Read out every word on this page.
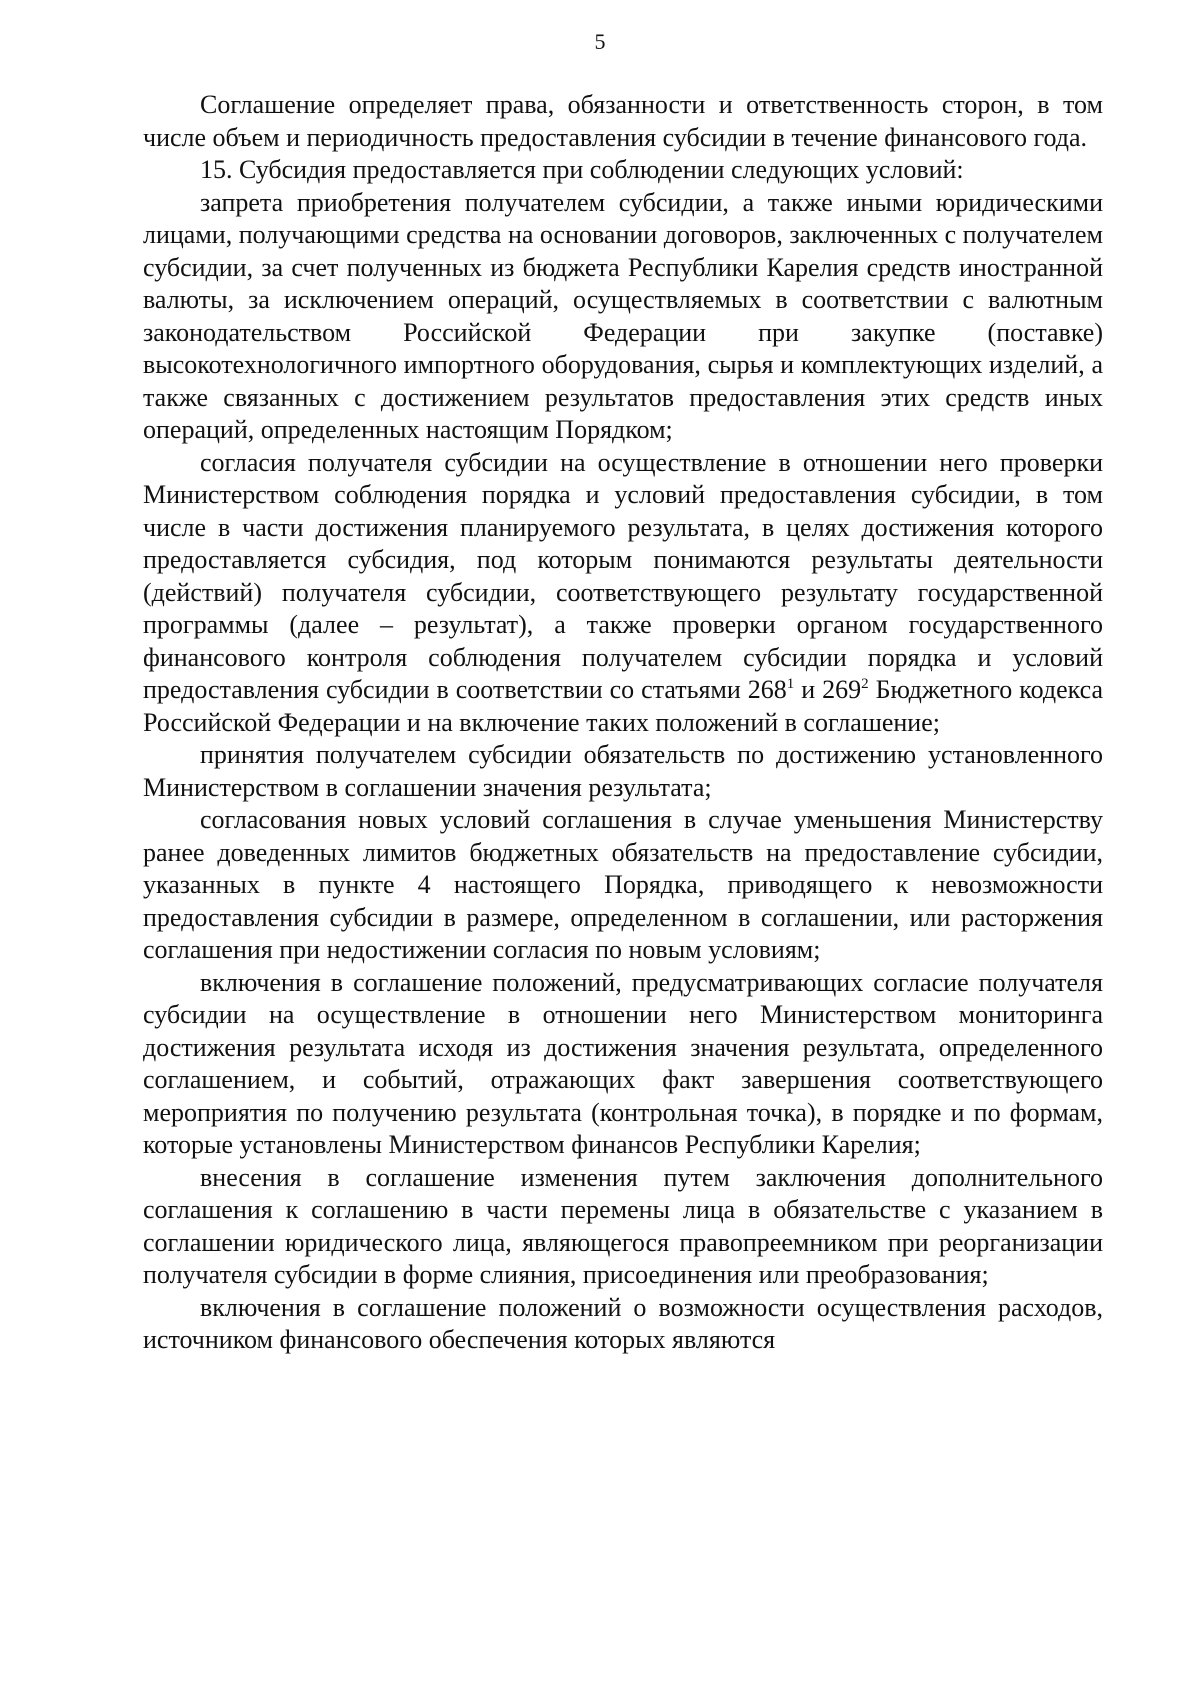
5

Соглашение определяет права, обязанности и ответственность сторон, в том числе объем и периодичность предоставления субсидии в течение финансового года.

15. Субсидия предоставляется при соблюдении следующих условий:

запрета приобретения получателем субсидии, а также иными юридическими лицами, получающими средства на основании договоров, заключенных с получателем субсидии, за счет полученных из бюджета Республики Карелия средств иностранной валюты, за исключением операций, осуществляемых в соответствии с валютным законодательством Российской Федерации при закупке (поставке) высокотехнологичного импортного оборудования, сырья и комплектующих изделий, а также связанных с достижением результатов предоставления этих средств иных операций, определенных настоящим Порядком;

согласия получателя субсидии на осуществление в отношении него проверки Министерством соблюдения порядка и условий предоставления субсидии, в том числе в части достижения планируемого результата, в целях достижения которого предоставляется субсидия, под которым понимаются результаты деятельности (действий) получателя субсидии, соответствующего результату государственной программы (далее – результат), а также проверки органом государственного финансового контроля соблюдения получателем субсидии порядка и условий предоставления субсидии в соответствии со статьями $268^1$ и $269^2$ Бюджетного кодекса Российской Федерации и на включение таких положений в соглашение;

принятия получателем субсидии обязательств по достижению установленного Министерством в соглашении значения результата;

согласования новых условий соглашения в случае уменьшения Министерству ранее доведенных лимитов бюджетных обязательств на предоставление субсидии, указанных в пункте 4 настоящего Порядка, приводящего к невозможности предоставления субсидии в размере, определенном в соглашении, или расторжения соглашения при недостижении согласия по новым условиям;

включения в соглашение положений, предусматривающих согласие получателя субсидии на осуществление в отношении него Министерством мониторинга достижения результата исходя из достижения значения результата, определенного соглашением, и событий, отражающих факт завершения соответствующего мероприятия по получению результата (контрольная точка), в порядке и по формам, которые установлены Министерством финансов Республики Карелия;

внесения в соглашение изменения путем заключения дополнительного соглашения к соглашению в части перемены лица в обязательстве с указанием в соглашении юридического лица, являющегося правопреемником при реорганизации получателя субсидии в форме слияния, присоединения или преобразования;

включения в соглашение положений о возможности осуществления расходов, источником финансового обеспечения которых являются
